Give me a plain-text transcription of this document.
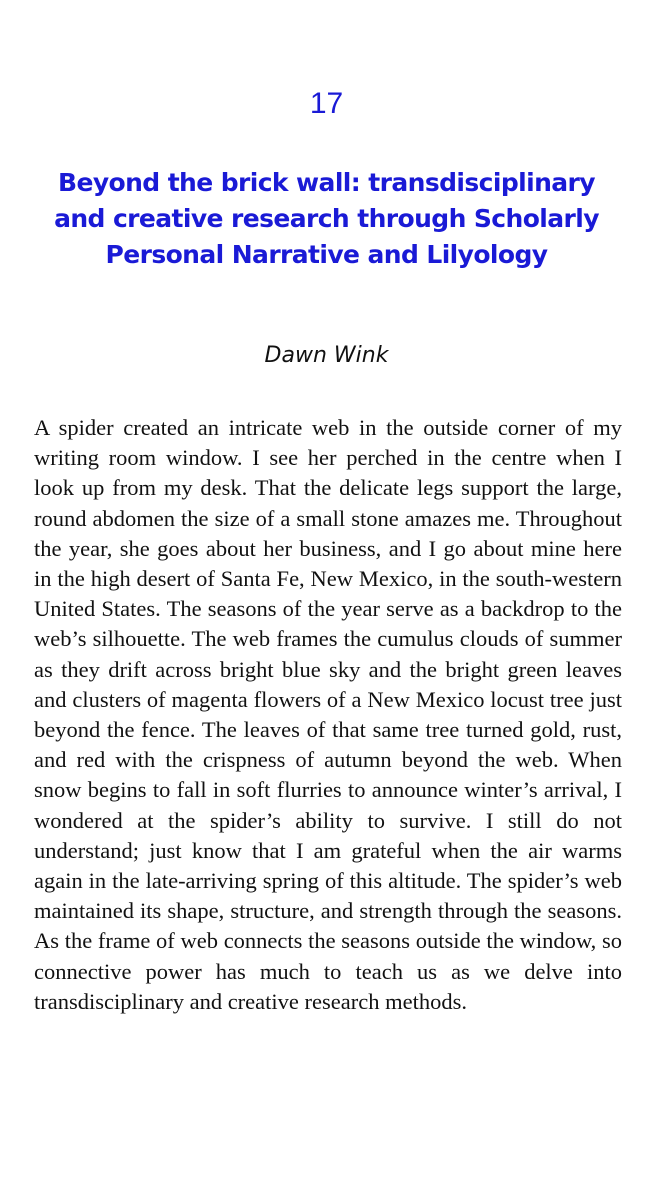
17
Beyond the brick wall: transdisciplinary and creative research through Scholarly Personal Narrative and Lilyology
Dawn Wink

A spider created an intricate web in the outside corner of my writing room window. I see her perched in the centre when I look up from my desk. That the delicate legs support the large, round abdomen the size of a small stone amazes me. Throughout the year, she goes about her business, and I go about mine here in the high desert of Santa Fe, New Mexico, in the south-western United States. The seasons of the year serve as a backdrop to the web’s silhouette. The web frames the cumulus clouds of summer as they drift across bright blue sky and the bright green leaves and clusters of magenta flowers of a New Mexico locust tree just beyond the fence. The leaves of that same tree turned gold, rust, and red with the crispness of autumn beyond the web. When snow begins to fall in soft flurries to announce winter’s arrival, I wondered at the spider’s ability to survive. I still do not understand; just know that I am grateful when the air warms again in the late-arriving spring of this altitude. The spider’s web maintained its shape, structure, and strength through the seasons. As the frame of web connects the seasons outside the window, so connective power has much to teach us as we delve into transdisciplinary and creative research methods.
